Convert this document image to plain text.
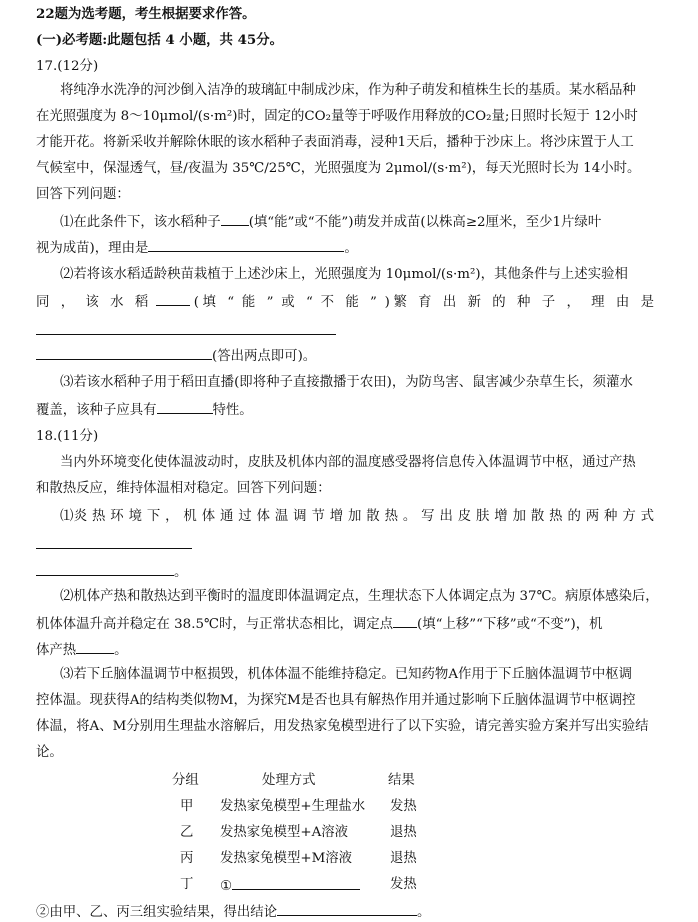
22题为选考题，考生根据要求作答。
(一)必考题:此题包括 4 小题，共 45分。
17.(12分)
将纯净水洗净的河沙倒入洁净的玻璃缸中制成沙床，作为种子萌发和植株生长的基质。某水稻品种
在光照强度为 8～10μmol/(s·m²)时，固定的CO₂量等于呼吸作用释放的CO₂量;日照时长短于 12小时
才能开花。将新采收并解除休眠的该水稻种子表面消毒，浸种1天后，播种于沙床上。将沙床置于人工
气候室中，保湿透气，昼/夜温为 35℃/25℃，光照强度为 2μmol/(s·m²)，每天光照时长为 14小时。
回答下列问题：
⑴在此条件下，该水稻种子 (填“能”或“不能”)萌发并成苗(以株高≥2厘米，至少1片绿叶
视为成苗)，理由是	。
⑵若将该水稻适龄秧苗栽植于上述沙床上，光照强度为 10μmol/(s·m²)，其他条件与上述实验相
同 ， 该 水 稻	(填 “ 能 ” 或 “ 不 能 ” )繁 育 出 新 的 种 子 ， 理 由 是
(答出两点即可)。
⑶若该水稻种子用于稻田直播(即将种子直接撒播于农田)，为防鸟害、鼠害减少杂草生长，须灌水
覆盖，该种子应具有	特性。
18.(11分)
当内外环境变化使体温波动时，皮肤及机体内部的温度感受器将信息传入体温调节中枢，通过产热
和散热反应，维持体温相对稳定。回答下列问题：
⑴炎 热 环 境 下 ， 机 体 通 过 体 温 调 节 增 加 散 热 。 写 出 皮 肤 增 加 散 热 的 两 种 方 式
。
⑵机体产热和散热达到平衡时的温度即体温调定点，生理状态下人体调定点为 37℃。病原体感染后，
机体体温升高并稳定在 38.5℃时，与正常状态相比，调定点 (填“上移”“下移”或“不变”)，机
体产热	。
⑶若下丘脑体温调节中枢损毁，机体体温不能维持稳定。已知药物A作用于下丘脑体温调节中枢调
控体温。现获得A的结构类似物M，为探究M是否也具有解热作用并通过影响下丘脑体温调节中枢调控
体温，将A、M分别用生理盐水溶解后，用发热家兔模型进行了以下实验，请完善实验方案并写出实验结
论。
分组	处理方式	结果
甲 发热家兔模型+生理盐水 发热
乙 发热家兔模型+A溶液	退热
丙 发热家兔模型+M溶液	退热
丁 ①	发热
②由甲、乙、丙三组实验结果，得出结论	。
